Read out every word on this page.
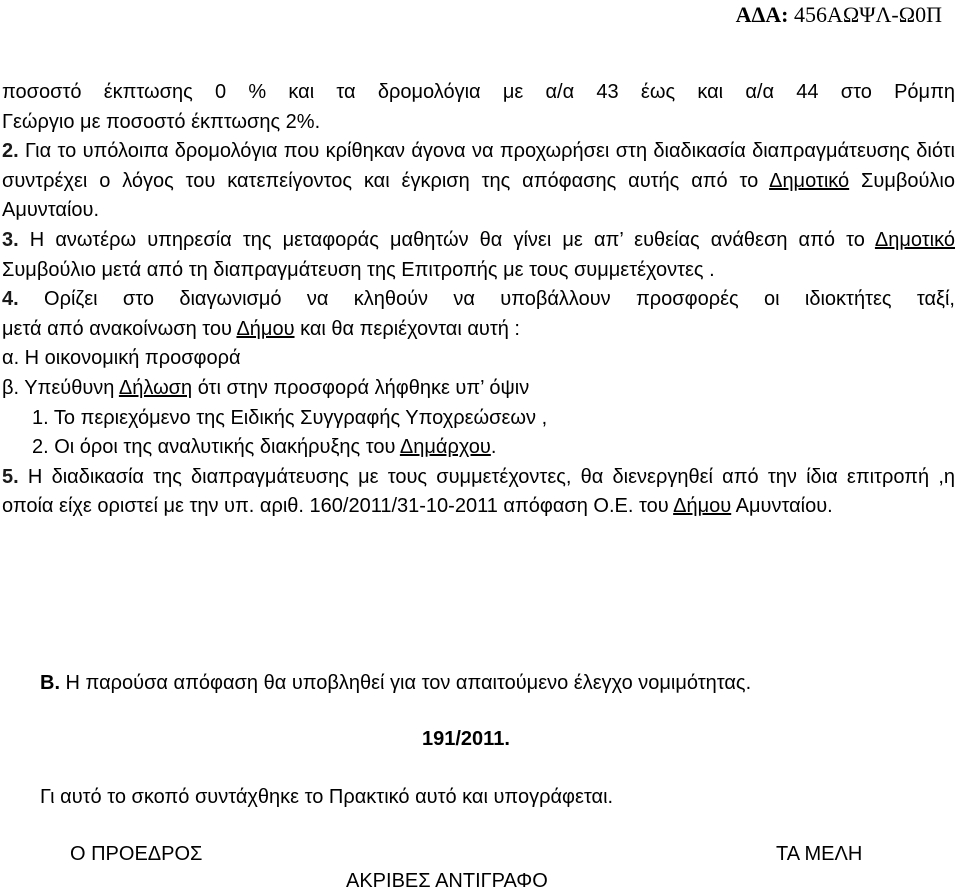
ΑΔΑ: 456ΑΩΨΛ-Ω0Π

ποσοστό έκπτωσης 0 % και τα δρομολόγια με α/α 43 έως και α/α 44 στο Ρόμπη

Γεώργιο με ποσοστό έκπτωσης 2%.

2. Για το υπόλοιπα δρομολόγια που κρίθηκαν άγονα να προχωρήσει στη διαδικασία διαπραγμάτευσης διότι συντρέχει ο λόγος του κατεπείγοντος και έγκριση της απόφασης αυτής από το Δημοτικό Συμβούλιο Αμυνταίου.

3. Η ανωτέρω υπηρεσία της μεταφοράς μαθητών θα γίνει με απ’ ευθείας ανάθεση από το Δημοτικό Συμβούλιο μετά από τη διαπραγμάτευση της Επιτροπής με τους συμμετέχοντες .

4. Ορίζει στο διαγωνισμό να κληθούν να υποβάλλουν προσφορές οι ιδιοκτήτες ταξί,

μετά από ανακοίνωση του Δήμου και θα περιέχονται αυτή :

α. Η οικονομική προσφορά

β. Υπεύθυνη Δήλωση ότι στην προσφορά λήφθηκε υπ’ όψιν

1. Το περιεχόμενο της Ειδικής Συγγραφής Υποχρεώσεων ,

2. Οι όροι της αναλυτικής διακήρυξης του Δημάρχου.

5. Η διαδικασία της διαπραγμάτευσης με τους συμμετέχοντες, θα διενεργηθεί από την ίδια επιτροπή ,η οποία είχε οριστεί με την υπ. αριθ. 160/2011/31-10-2011 απόφαση Ο.Ε. του Δήμου Αμυνταίου.

Β. Η παρούσα απόφαση θα υποβληθεί για τον απαιτούμενο έλεγχο νομιμότητας.
191/2011.
Γι αυτό το σκοπό συντάχθηκε το Πρακτικό αυτό και υπογράφεται.
Ο ΠΡΟΕΔΡΟΣ	ΤΑ ΜΕΛΗ
ΑΚΡΙΒΕΣ ΑΝΤΙΓΡΑΦΟ
